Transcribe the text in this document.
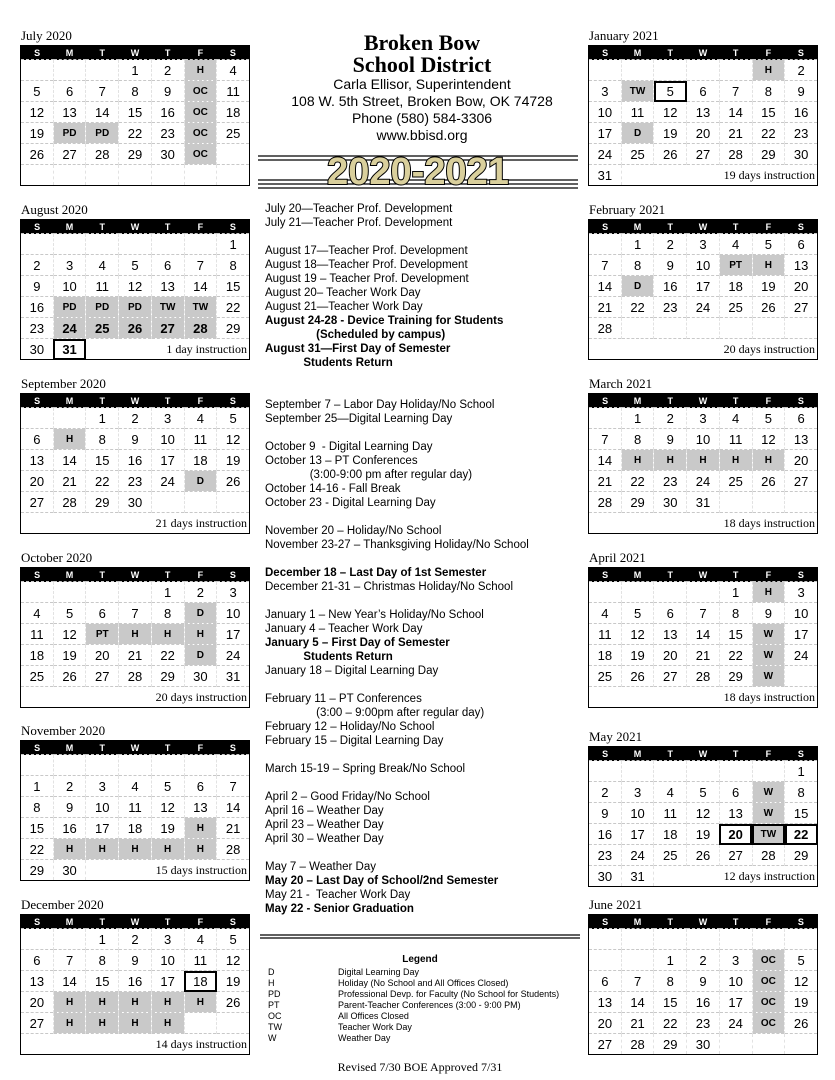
Broken Bow
School District
Carla Ellisor, Superintendent
108 W. 5th Street, Broken Bow, OK 74728
Phone (580) 584-3306
www.bbisd.org
2020-2021
July 2020
S	M	T	W	T	F	S
			1	2	H	4
5	6	7	8	9	OC	11
12	13	14	15	16	OC	18
19	PD	PD	22	23	OC	25
26	27	28	29	30	OC	

August 2020
S	M	T	W	T	F	S
						1
2	3	4	5	6	7	8
9	10	11	12	13	14	15
16	PD	PD	PD	TW	TW	22
23	24	25	26	27	28	29
30	31	1 day instruction				
September 2020
S	M	T	W	T	F	S
		1	2	3	4	5
6	H	8	9	10	11	12
13	14	15	16	17	18	19
20	21	22	23	24	D	26
27	28	29	30			
21 days instruction						
October 2020
S	M	T	W	T	F	S
				1	2	3
4	5	6	7	8	D	10
11	12	PT	H	H	H	17
18	19	20	21	22	D	24
25	26	27	28	29	30	31
20 days instruction						
November 2020
S	M	T	W	T	F	S

1	2	3	4	5	6	7
8	9	10	11	12	13	14
15	16	17	18	19	H	21
22	H	H	H	H	H	28
29	30	15 days instruction				
December 2020
S	M	T	W	T	F	S
		1	2	3	4	5
6	7	8	9	10	11	12
13	14	15	16	17	18	19
20	H	H	H	H	H	26
27	H	H	H	H		
14 days instruction						
January 2021
S	M	T	W	T	F	S
					H	2
3	TW	5	6	7	8	9
10	11	12	13	14	15	16
17	D	19	20	21	22	23
24	25	26	27	28	29	30
31	19 days instruction					
February 2021
S	M	T	W	T	F	S
	1	2	3	4	5	6
7	8	9	10	PT	H	13
14	D	16	17	18	19	20
21	22	23	24	25	26	27
28						
20 days instruction						
March 2021
S	M	T	W	T	F	S
	1	2	3	4	5	6
7	8	9	10	11	12	13
14	H	H	H	H	H	20
21	22	23	24	25	26	27
28	29	30	31			
18 days instruction						
April 2021
S	M	T	W	T	F	S
				1	H	3
4	5	6	7	8	9	10
11	12	13	14	15	W	17
18	19	20	21	22	W	24
25	26	27	28	29	W	
18 days instruction						
May 2021
S	M	T	W	T	F	S
						1
2	3	4	5	6	W	8
9	10	11	12	13	W	15
16	17	18	19	20	TW	22
23	24	25	26	27	28	29
30	31	12 days instruction				
June 2021
S	M	T	W	T	F	S

		1	2	3	OC	5
6	7	8	9	10	OC	12
13	14	15	16	17	OC	19
20	21	22	23	24	OC	26
27	28	29	30			
July 20—Teacher Prof. Development
July 21—Teacher Prof. Development
August 17—Teacher Prof. Development
August 18—Teacher Prof. Development
August 19 – Teacher Prof. Development
August 20– Teacher Work Day
August 21—Teacher Work Day
August 24-28 - Device Training for Students
(Scheduled by campus)
August 31—First Day of Semester
Students Return
September 7 – Labor Day Holiday/No School
September 25—Digital Learning Day
October 9  - Digital Learning Day
October 13 – PT Conferences
(3:00-9:00 pm after regular day)
October 14-16 - Fall Break
October 23 - Digital Learning Day
November 20 – Holiday/No School
November 23-27 – Thanksgiving Holiday/No School
December 18 – Last Day of 1st Semester
December 21-31 – Christmas Holiday/No School
January 1 – New Year’s Holiday/No School
January 4 – Teacher Work Day
January 5 – First Day of Semester
Students Return
January 18 – Digital Learning Day
February 11 – PT Conferences
(3:00 – 9:00pm after regular day)
February 12 – Holiday/No School
February 15 – Digital Learning Day
March 15-19 – Spring Break/No School
April 2 – Good Friday/No School
April 16 – Weather Day
April 23 – Weather Day
April 30 – Weather Day
May 7 – Weather Day
May 20 – Last Day of School/2nd Semester
May 21 -  Teacher Work Day
May 22 - Senior Graduation
Legend
D	Digital Learning Day
H	Holiday (No School and All Offices Closed)
PD	Professional Devp. for Faculty (No School for Students)
PT	Parent-Teacher Conferences (3:00 - 9:00 PM)
OC	All Offices Closed
TW	Teacher Work Day
W	Weather Day
Revised 7/30 BOE Approved 7/31
